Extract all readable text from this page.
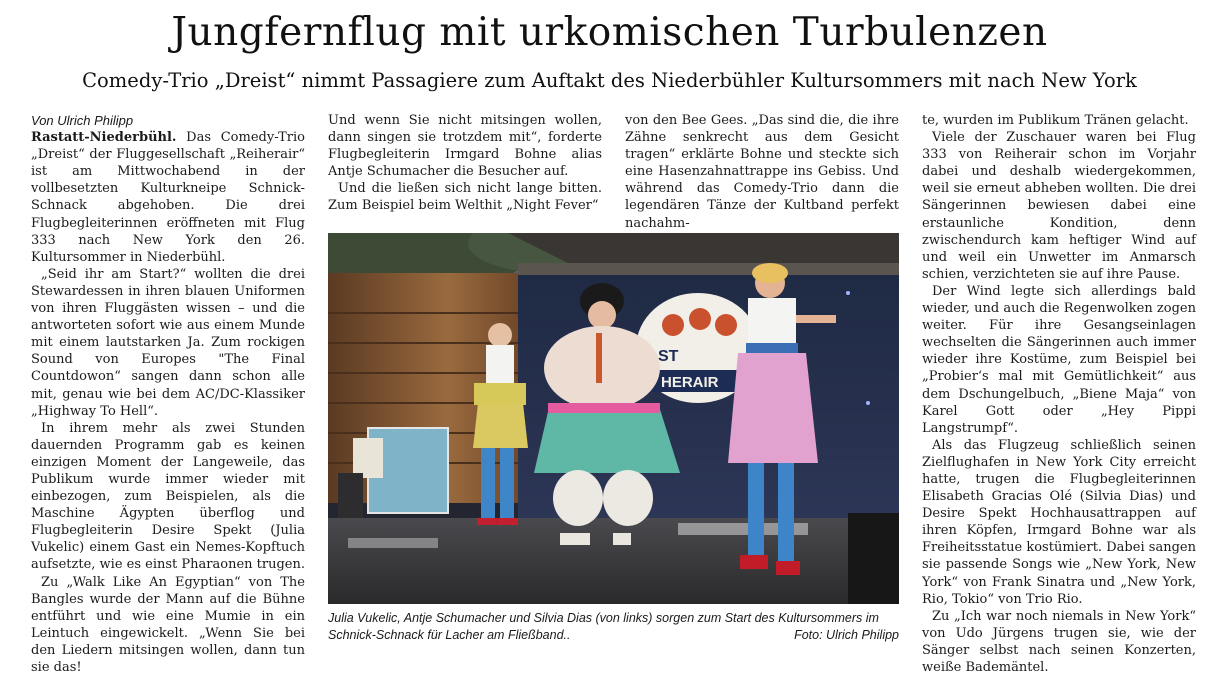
Jungfernflug mit urkomischen Turbulenzen
Comedy-Trio „Dreist“ nimmt Passagiere zum Auftakt des Niederbühler Kultursommers mit nach New York

Von Ulrich Philipp

Rastatt-Niederbühl. Das Comedy-Trio „Dreist“ der Fluggesellschaft „Reiherair“ ist am Mittwochabend in der vollbesetzten Kulturkneipe Schnick-Schnack abgehoben. Die drei Flugbegleiterinnen eröffneten mit Flug 333 nach New York den 26. Kultursommer in Niederbühl.

„Seid ihr am Start?“ wollten die drei Stewardessen in ihren blauen Uniformen von ihren Fluggästen wissen – und die antworteten sofort wie aus einem Munde mit einem lautstarken Ja. Zum rockigen Sound von Europes "The Final Countdowon“ sangen dann schon alle mit, genau wie bei dem AC/DC-Klassiker „Highway To Hell“.

In ihrem mehr als zwei Stunden dauernden Programm gab es keinen einzigen Moment der Langeweile, das Publikum wurde immer wieder mit einbezogen, zum Beispielen, als die Maschine Ägypten überflog und Flugbegleiterin Desire Spekt (Julia Vukelic) einem Gast ein Nemes-Kopftuch aufsetzte, wie es einst Pharaonen trugen.

Zu „Walk Like An Egyptian“ von The Bangles wurde der Mann auf die Bühne entführt und wie eine Mumie in ein Leintuch eingewickelt. „Wenn Sie bei den Liedern mitsingen wollen, dann tun sie das!

Und wenn Sie nicht mitsingen wollen, dann singen sie trotzdem mit“, forderte Flugbegleiterin Irmgard Bohne alias Antje Schumacher die Besucher auf.

Und die ließen sich nicht lange bitten. Zum Beispiel beim Welthit „Night Fever“

von den Bee Gees. „Das sind die, die ihre Zähne senkrecht aus dem Gesicht tragen“ erklärte Bohne und steckte sich eine Hasenzahnattrappe ins Gebiss. Und während das Comedy-Trio dann die legendären Tänze der Kultband perfekt nachahm-

te, wurden im Publikum Tränen gelacht.

Viele der Zuschauer waren bei Flug 333 von Reiherair schon im Vorjahr dabei und deshalb wiedergekommen, weil sie erneut abheben wollten. Die drei Sängerinnen bewiesen dabei eine erstaunliche Kondition, denn zwischendurch kam heftiger Wind auf und weil ein Unwetter im Anmarsch schien, verzichteten sie auf ihre Pause.

Der Wind legte sich allerdings bald wieder, und auch die Regenwolken zogen weiter. Für ihre Gesangseinlagen wechselten die Sängerinnen auch immer wieder ihre Kostüme, zum Beispiel bei „Probier‘s mal mit Gemütlichkeit“ aus dem Dschungelbuch, „Biene Maja“ von Karel Gott oder „Hey Pippi Langstrumpf“.

Als das Flugzeug schließlich seinen Zielflughafen in New York City erreicht hatte, trugen die Flugbegleiterinnen Elisabeth Gracias Olé (Silvia Dias) und Desire Spekt Hochhausattrappen auf ihren Köpfen, Irmgard Bohne war als Freiheitsstatue kostümiert. Dabei sangen sie passende Songs wie „New York, New York“ von Frank Sinatra und „New York, Rio, Tokio“ von Trio Rio.

Zu „Ich war noch niemals in New York“ von Udo Jürgens trugen sie, wie der Sänger selbst nach seinen Konzerten, weiße Bademäntel.

ST
HERAIR
Julia Vukelic, Antje Schumacher und Silvia Dias (von links) sorgen zum Start des Kultursommers im Schnick-Schnack für Lacher am Fließband..	Foto: Ulrich Philipp
